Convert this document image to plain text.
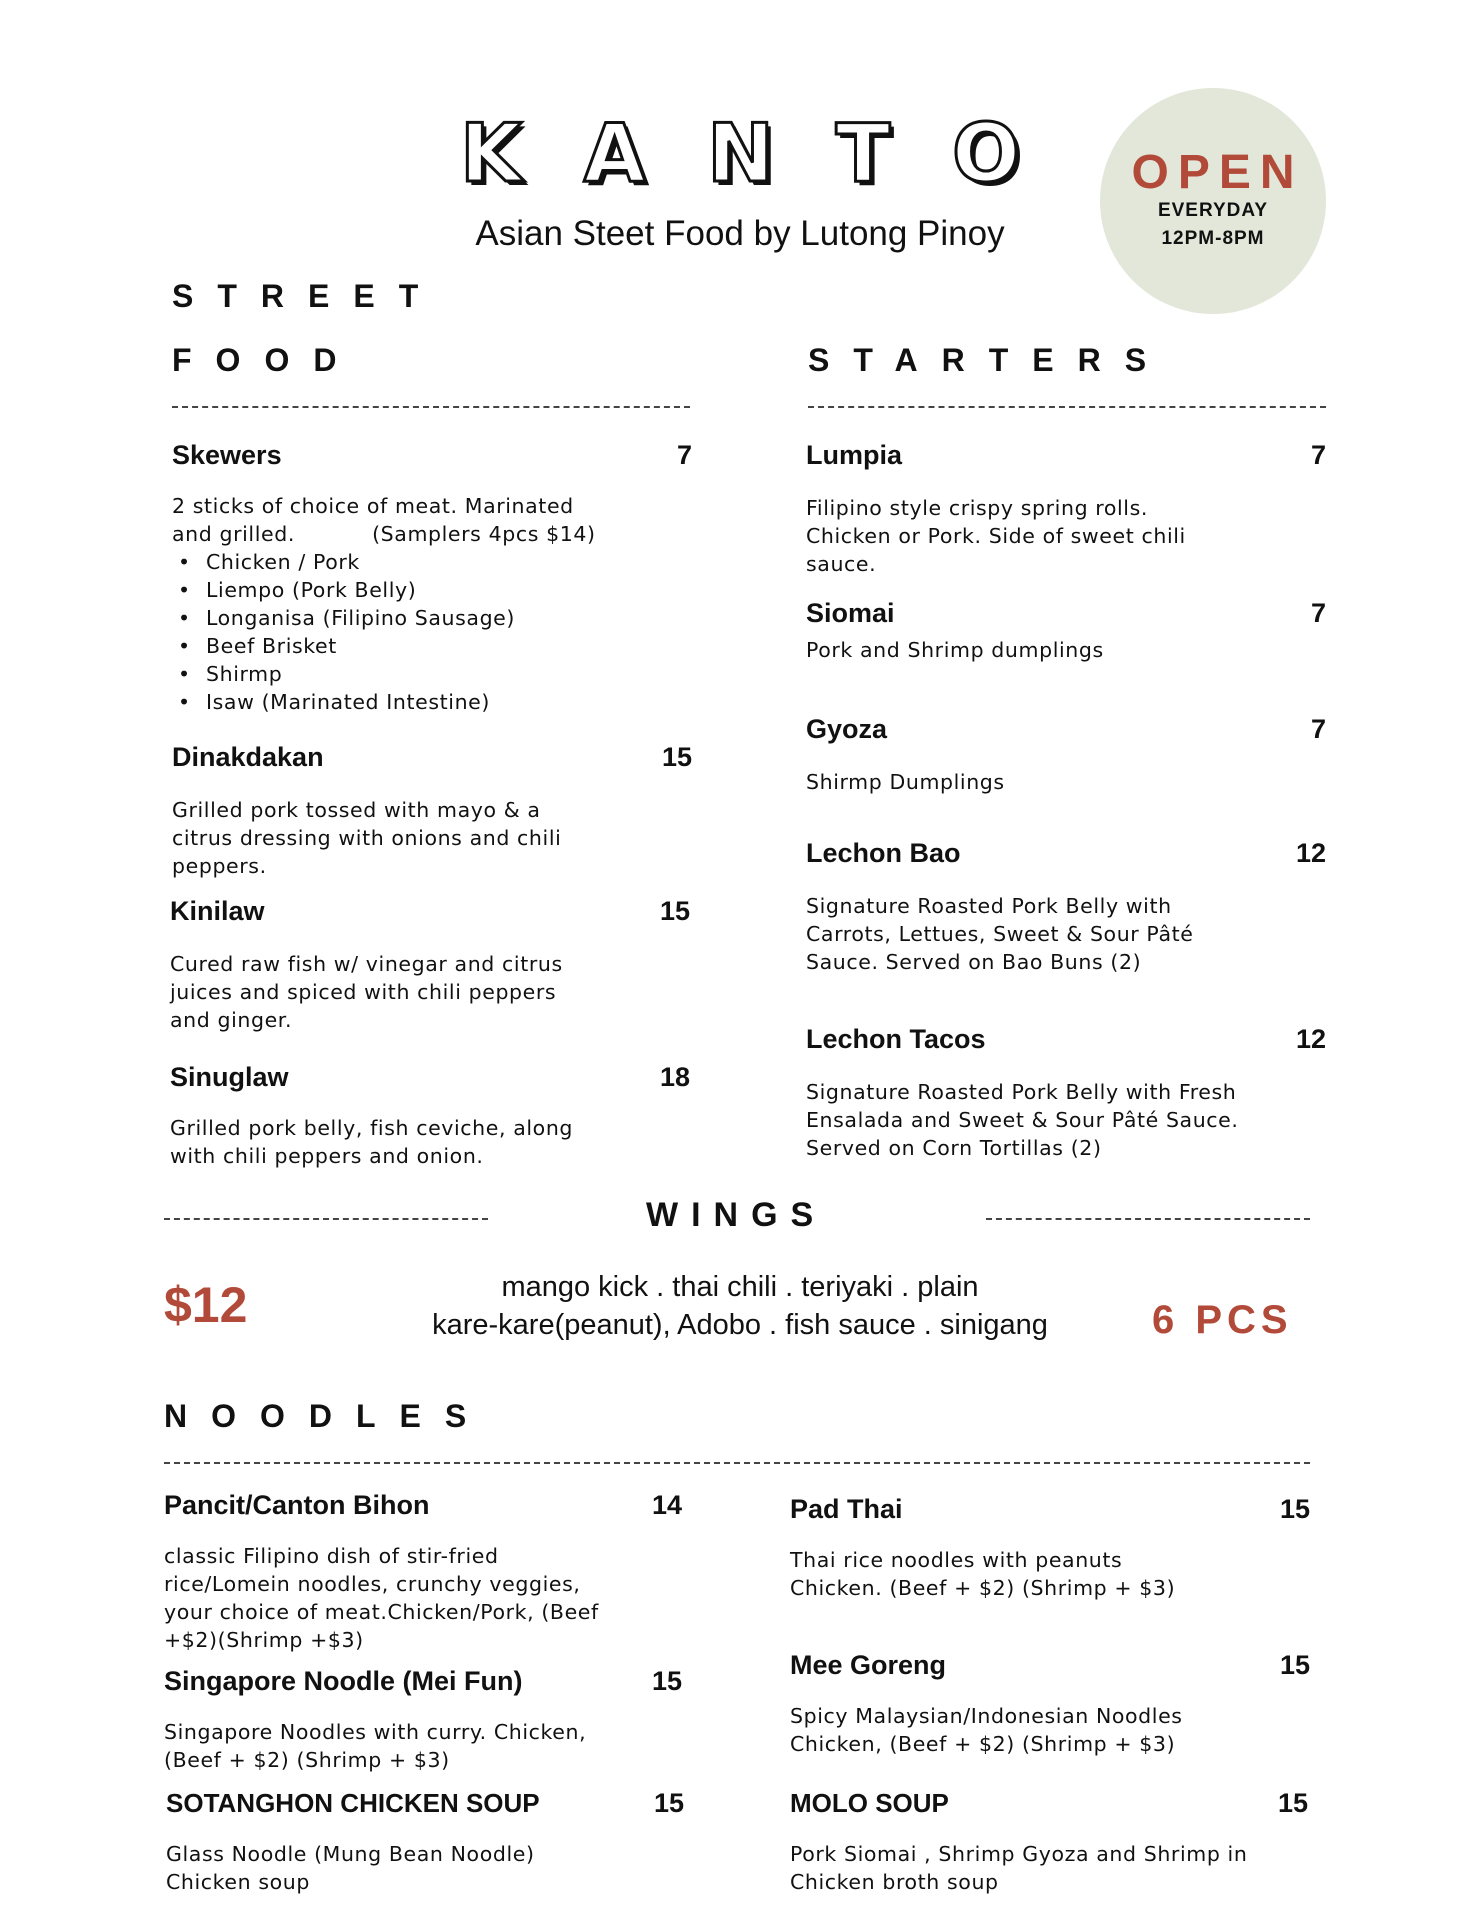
K A N T O
Asian Steet Food by Lutong Pinoy
OPEN
EVERYDAY
12PM-8PM
STREET
FOOD
Skewers	7
2 sticks of choice of meat. Marinated and grilled.	(Samplers 4pcs $14)
• Chicken / Pork
• Liempo (Pork Belly)
• Longanisa (Filipino Sausage)
• Beef Brisket
• Shirmp
• Isaw (Marinated Intestine)
Dinakdakan	15
Grilled pork tossed with mayo & a citrus dressing with onions and chili peppers.
Kinilaw	15
Cured raw fish w/ vinegar and citrus juices and spiced with chili peppers and ginger.
Sinuglaw	18
Grilled pork belly, fish ceviche, along with chili peppers and onion.
STARTERS
Lumpia	7
Filipino style crispy spring rolls. Chicken or Pork. Side of sweet chili sauce.
Siomai	7
Pork and Shrimp dumplings
Gyoza	7
Shirmp Dumplings
Lechon Bao	12
Signature Roasted Pork Belly with Carrots, Lettues, Sweet & Sour Pâté Sauce. Served on Bao Buns (2)
Lechon Tacos	12
Signature Roasted Pork Belly with Fresh Ensalada and Sweet & Sour Pâté Sauce. Served on Corn Tortillas (2)
WINGS
$12	mango kick . thai chili . teriyaki . plain
kare-kare(peanut), Adobo . fish sauce . sinigang	6 PCS
NOODLES
Pancit/Canton Bihon	14
classic Filipino dish of stir-fried rice/Lomein noodles, crunchy veggies, your choice of meat.Chicken/Pork, (Beef +$2)(Shrimp +$3)
Pad Thai	15
Thai rice noodles with peanuts Chicken. (Beef + $2) (Shrimp + $3)
Singapore Noodle (Mei Fun)	15
Singapore Noodles with curry. Chicken, (Beef + $2) (Shrimp + $3)
Mee Goreng	15
Spicy Malaysian/Indonesian Noodles Chicken, (Beef + $2) (Shrimp + $3)
SOTANGHON CHICKEN SOUP	15
Glass Noodle (Mung Bean Noodle) Chicken soup
MOLO SOUP	15
Pork Siomai , Shrimp Gyoza and Shrimp in Chicken broth soup
